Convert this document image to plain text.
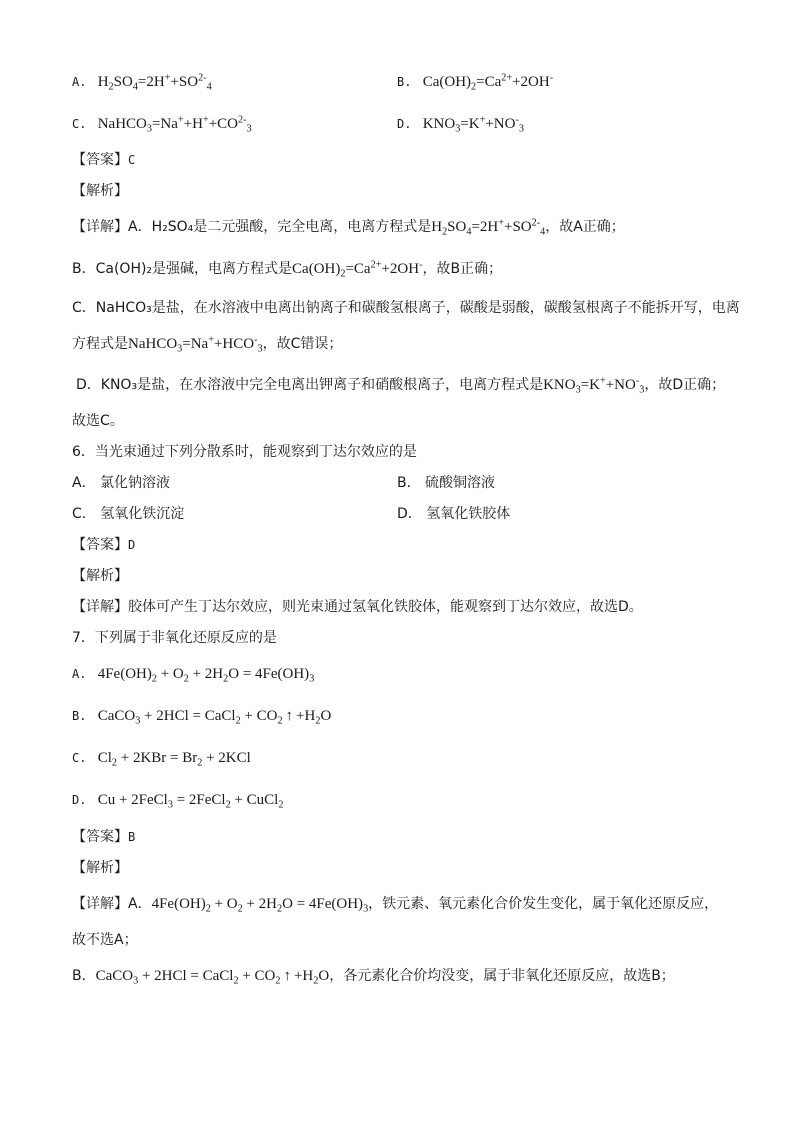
A.   $H_2SO_4=2H^++SO^{2-}_4$	B.   $Ca(OH)_2=Ca^{2+}+2OH^-$
C.   $NaHCO_3=Na^++H^++CO^{2-}_3$	D.   $KNO_3=K^++NO^-_3$
【答案】C
【解析】
【详解】A．H₂SO₄是二元强酸，完全电离，电离方程式是$H_2SO_4=2H^++SO^{2-}_4$，故A正确；
B．Ca(OH)₂是强碱，电离方程式是$Ca(OH)_2=Ca^{2+}+2OH^-$，故B正确；
C．NaHCO₃是盐，在水溶液中电离出钠离子和碳酸氢根离子，碳酸是弱酸，碳酸氢根离子不能拆开写，电离
方程式是$NaHCO_3=Na^++HCO^-_3$，故C错误；
D．KNO₃是盐，在水溶液中完全电离出钾离子和硝酸根离子，电离方程式是$KNO_3=K^++NO^-_3$，故D正确；
故选C。
6．当光束通过下列分散系时，能观察到丁达尔效应的是
A． 氯化钠溶液	B． 硫酸铜溶液
C． 氢氧化铁沉淀	D． 氢氧化铁胶体
【答案】D
【解析】
【详解】胶体可产生丁达尔效应，则光束通过氢氧化铁胶体，能观察到丁达尔效应，故选D。
7．下列属于非氧化还原反应的是
A.   $4Fe(OH)_2 + O_2 + 2H_2O = 4Fe(OH)_3$
B.   CaCO$_3$ + 2HCl = CaCl$_2$ + $CO_2$ ↑ $+H_2O$
C.   $Cl_2 + 2KBr = Br_2 + 2KCl$
D.   Cu + 2FeCl$_3$ = 2FeCl$_2$ + CuCl$_2$
【答案】B
【解析】
【详解】A．$4Fe(OH)_2 + O_2 + 2H_2O = 4Fe(OH)_3$，铁元素、氧元素化合价发生变化，属于氧化还原反应，
故不选A；
B．CaCO$_3$ + 2HCl = CaCl$_2$ + $CO_2$ ↑ $+H_2O$，各元素化合价均没变，属于非氧化还原反应，故选B；
